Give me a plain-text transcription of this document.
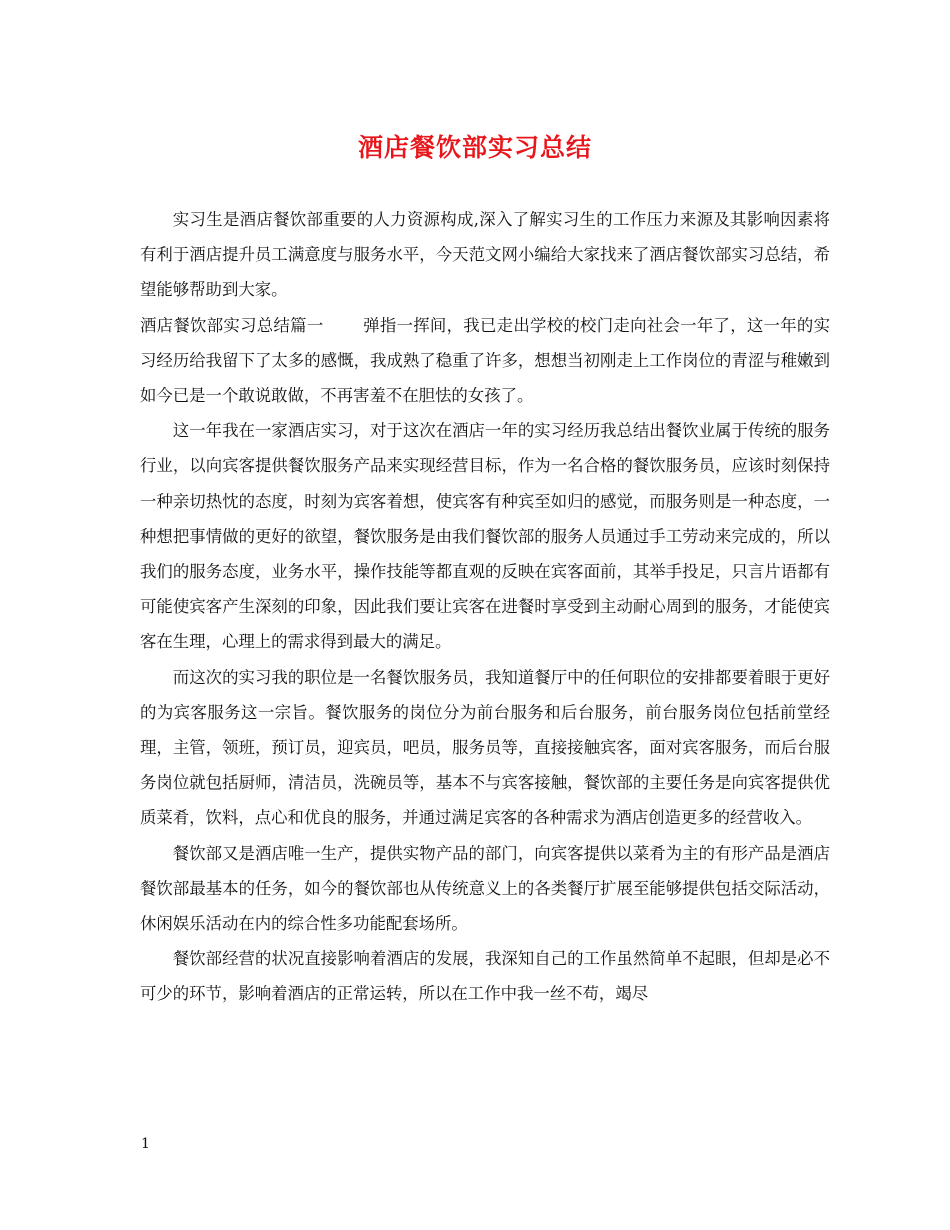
酒店餐饮部实习总结

实习生是酒店餐饮部重要的人力资源构成,深入了解实习生的工作压力来源及其影响因素将有利于酒店提升员工满意度与服务水平，今天范文网小编给大家找来了酒店餐饮部实习总结，希望能够帮助到大家。

酒店餐饮部实习总结篇一 弹指一挥间，我已走出学校的校门走向社会一年了，这一年的实习经历给我留下了太多的感慨，我成熟了稳重了许多，想想当初刚走上工作岗位的青涩与稚嫩到如今已是一个敢说敢做，不再害羞不在胆怯的女孩了。

这一年我在一家酒店实习，对于这次在酒店一年的实习经历我总结出餐饮业属于传统的服务行业，以向宾客提供餐饮服务产品来实现经营目标，作为一名合格的餐饮服务员，应该时刻保持一种亲切热忱的态度，时刻为宾客着想，使宾客有种宾至如归的感觉，而服务则是一种态度，一种想把事情做的更好的欲望，餐饮服务是由我们餐饮部的服务人员通过手工劳动来完成的，所以我们的服务态度，业务水平，操作技能等都直观的反映在宾客面前，其举手投足，只言片语都有可能使宾客产生深刻的印象，因此我们要让宾客在进餐时享受到主动耐心周到的服务，才能使宾客在生理，心理上的需求得到最大的满足。

而这次的实习我的职位是一名餐饮服务员，我知道餐厅中的任何职位的安排都要着眼于更好的为宾客服务这一宗旨。餐饮服务的岗位分为前台服务和后台服务，前台服务岗位包括前堂经理，主管，领班，预订员，迎宾员，吧员，服务员等，直接接触宾客，面对宾客服务，而后台服务岗位就包括厨师，清洁员，洗碗员等，基本不与宾客接触，餐饮部的主要任务是向宾客提供优质菜肴，饮料，点心和优良的服务，并通过满足宾客的各种需求为酒店创造更多的经营收入。

餐饮部又是酒店唯一生产，提供实物产品的部门，向宾客提供以菜肴为主的有形产品是酒店餐饮部最基本的任务，如今的餐饮部也从传统意义上的各类餐厅扩展至能够提供包括交际活动，休闲娱乐活动在内的综合性多功能配套场所。

餐饮部经营的状况直接影响着酒店的发展，我深知自己的工作虽然简单不起眼，但却是必不可少的环节，影响着酒店的正常运转，所以在工作中我一丝不苟，竭尽

1
